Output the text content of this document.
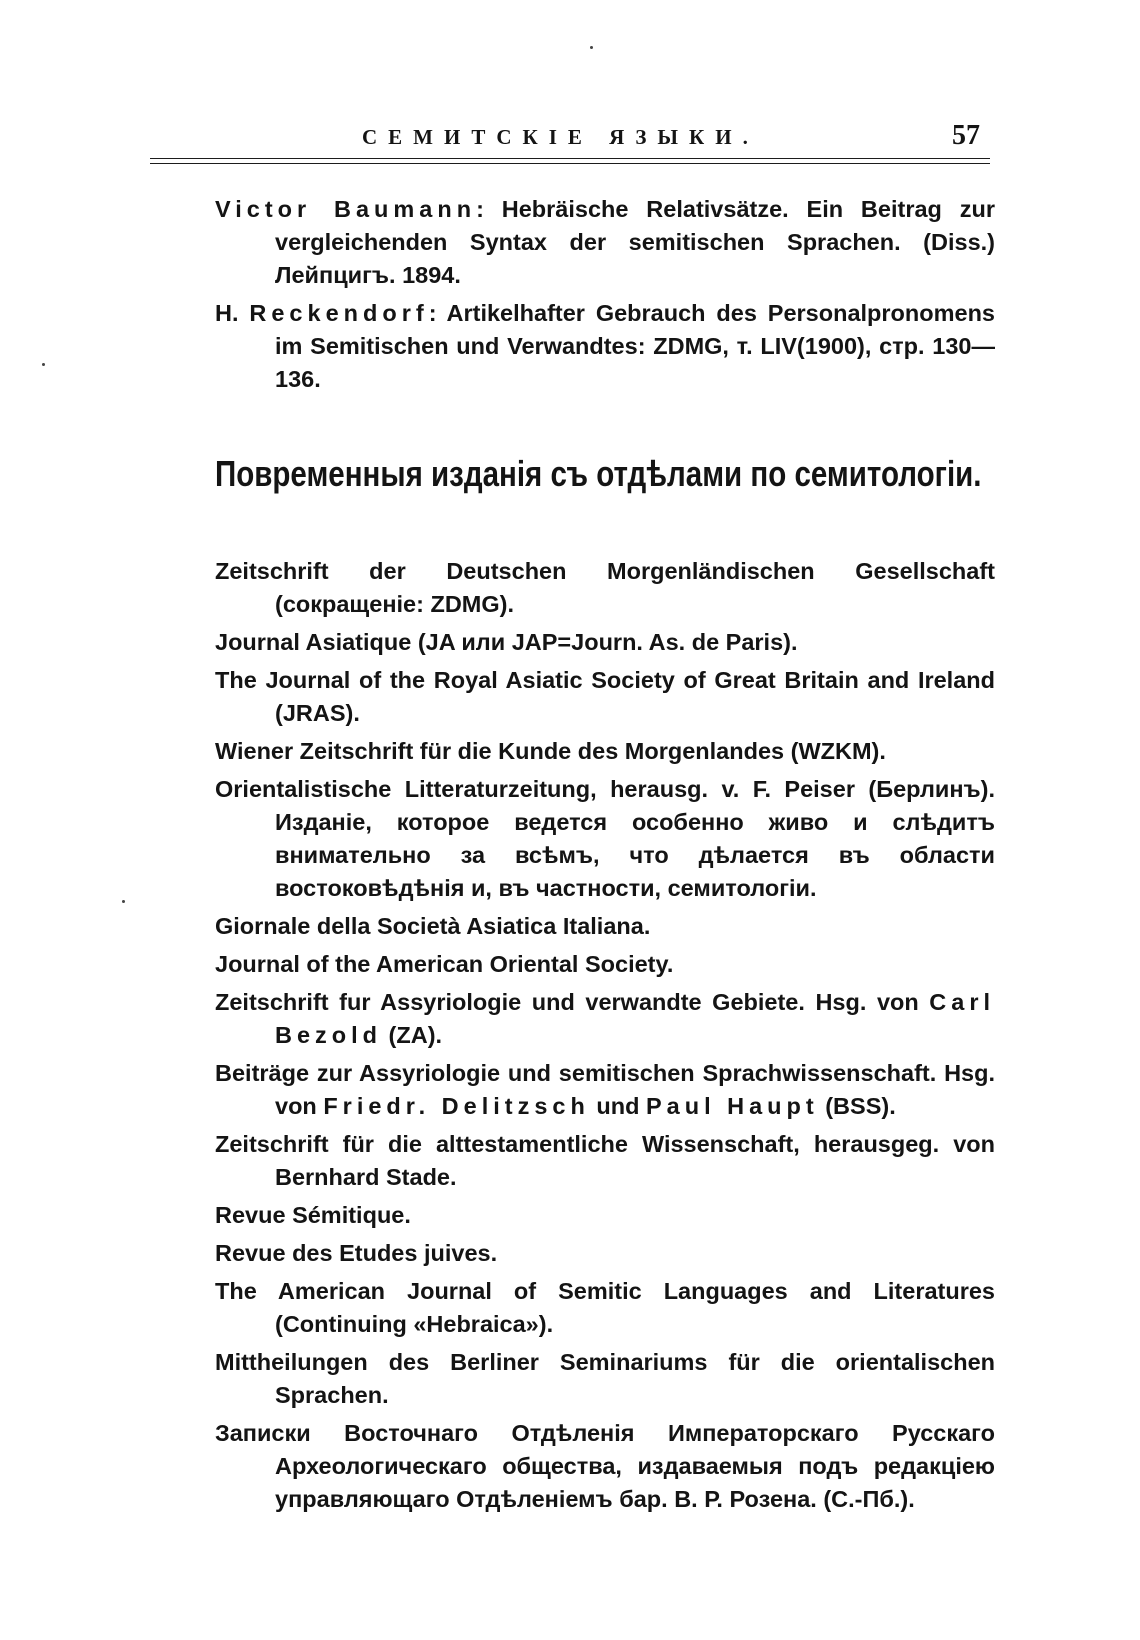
СЕМИТСКІЕ ЯЗЫКИ.	57
Victor Baumann: Hebräische Relativsätze. Ein Beitrag zur vergleichenden Syntax der semitischen Sprachen. (Diss.) Лейпцигъ. 1894.
H. Reckendorf: Artikelhafter Gebrauch des Personalpronomens im Semitischen und Verwandtes: ZDMG, т. LIV(1900), стр. 130—136.
Повременныя изданія съ отдѣлами по семитологіи.
Zeitschrift der Deutschen Morgenländischen Gesellschaft (сокращеніе: ZDMG).
Journal Asiatique (JA или JAP=Journ. As. de Paris).
The Journal of the Royal Asiatic Society of Great Britain and Ireland (JRAS).
Wiener Zeitschrift für die Kunde des Morgenlandes (WZKM).
Orientalistische Litteraturzeitung, herausg. v. F. Peiser (Берлинъ). Изданіе, которое ведется особенно живо и слѣдитъ внимательно за всѣмъ, что дѣлается въ области востоковѣдѣнія и, въ частности, семитологіи.
Giornale della Società Asiatica Italiana.
Journal of the American Oriental Society.
Zeitschrift fur Assyriologie und verwandte Gebiete. Hsg. von Carl Bezold (ZA).
Beiträge zur Assyriologie und semitischen Sprachwissenschaft. Hsg. von Friedr. Delitzsch und Paul Haupt (BSS).
Zeitschrift für die alttestamentliche Wissenschaft, herausgeg. von Bernhard Stade.
Revue Sémitique.
Revue des Etudes juives.
The American Journal of Semitic Languages and Literatures (Continuing «Hebraica»).
Mittheilungen des Berliner Seminariums für die orientalischen Sprachen.
Записки Восточнаго Отдѣленія Императорскаго Русскаго Археологическаго общества, издаваемыя подъ редакціею управляющаго Отдѣленіемъ бар. В. Р. Розена. (С.-Пб.).
